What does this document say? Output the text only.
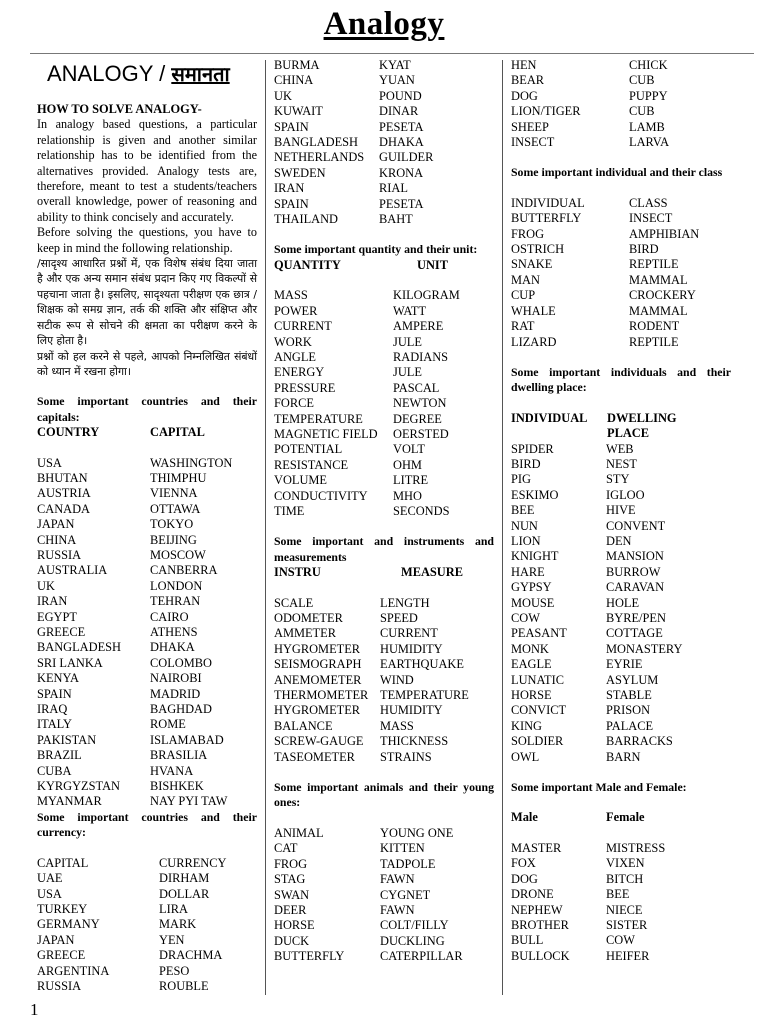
Analogy
ANALOGY / समानता
HOW TO SOLVE ANALOGY-
In analogy based questions, a particular relationship is given and another similar relationship has to be identified from the alternatives provided. Analogy tests are, therefore, meant to test a students/teachers overall knowledge, power of reasoning and ability to think concisely and accurately.
Before solving the questions, you have to keep in mind the following relationship.
/सादृश्य आधारित प्रश्नों में, एक विशेष संबंध दिया जाता है और एक अन्य समान संबंध प्रदान किए गए विकल्पों से पहचाना जाता है। इसलिए, सादृश्यता परीक्षण एक छात्र / शिक्षक को समग्र ज्ञान, तर्क की शक्ति और संक्षिप्त और सटीक रूप से सोचने की क्षमता का परीक्षण करने के लिए होता है।
प्रश्नों को हल करने से पहले, आपको निम्नलिखित संबंधों को ध्यान में रखना होगा।
Some important countries and their capitals:
COUNTRY	CAPITAL
USA	WASHINGTON
BHUTAN	THIMPHU
AUSTRIA	VIENNA
CANADA	OTTAWA
JAPAN	TOKYO
CHINA	BEIJING
RUSSIA	MOSCOW
AUSTRALIA	CANBERRA
UK	LONDON
IRAN	TEHRAN
EGYPT	CAIRO
GREECE	ATHENS
BANGLADESH	DHAKA
SRI LANKA	COLOMBO
KENYA	NAIROBI
SPAIN	MADRID
IRAQ	BAGHDAD
ITALY	ROME
PAKISTAN	ISLAMABAD
BRAZIL	BRASILIA
CUBA	HVANA
KYRGYZSTAN	BISHKEK
MYANMAR	NAY PYI TAW
Some important countries and their currency:
CAPITAL	CURRENCY
UAE	DIRHAM
USA	DOLLAR
TURKEY	LIRA
GERMANY	MARK
JAPAN	YEN
GREECE	DRACHMA
ARGENTINA	PESO
RUSSIA	ROUBLE
BURMA	KYAT
CHINA	YUAN
UK	POUND
KUWAIT	DINAR
SPAIN	PESETA
BANGLADESH	DHAKA
NETHERLANDS	GUILDER
SWEDEN	KRONA
IRAN	RIAL
SPAIN	PESETA
THAILAND	BAHT
Some important quantity and their unit:
QUANTITY	UNIT
MASS	KILOGRAM
POWER	WATT
CURRENT	AMPERE
WORK	JULE
ANGLE	RADIANS
ENERGY	JULE
PRESSURE	PASCAL
FORCE	NEWTON
TEMPERATURE	DEGREE
MAGNETIC FIELD	OERSTED
POTENTIAL	VOLT
RESISTANCE	OHM
VOLUME	LITRE
CONDUCTIVITY	MHO
TIME	SECONDS
Some important and instruments and measurements
INSTRU	MEASURE
SCALE	LENGTH
ODOMETER	SPEED
AMMETER	CURRENT
HYGROMETER	HUMIDITY
SEISMOGRAPH	EARTHQUAKE
ANEMOMETER	WIND
THERMOMETER TEMPERATURE
HYGROMETER	HUMIDITY
BALANCE	MASS
SCREW-GAUGE	THICKNESS
TASEOMETER	STRAINS
Some important animals and their young ones:
ANIMAL	YOUNG ONE
CAT	KITTEN
FROG	TADPOLE
STAG	FAWN
SWAN	CYGNET
DEER	FAWN
HORSE	COLT/FILLY
DUCK	DUCKLING
BUTTERFLY	CATERPILLAR
HEN	CHICK
BEAR	CUB
DOG	PUPPY
LION/TIGER	CUB
SHEEP	LAMB
INSECT	LARVA
Some important individual and their class
INDIVIDUAL	CLASS
BUTTERFLY	INSECT
FROG	AMPHIBIAN
OSTRICH	BIRD
SNAKE	REPTILE
MAN	MAMMAL
CUP	CROCKERY
WHALE	MAMMAL
RAT	RODENT
LIZARD	REPTILE
Some important individuals and their dwelling place:
INDIVIDUAL	DWELLING PLACE
SPIDER	WEB
BIRD	NEST
PIG	STY
ESKIMO	IGLOO
BEE	HIVE
NUN	CONVENT
LION	DEN
KNIGHT	MANSION
HARE	BURROW
GYPSY	CARAVAN
MOUSE	HOLE
COW	BYRE/PEN
PEASANT	COTTAGE
MONK	MONASTERY
EAGLE	EYRIE
LUNATIC	ASYLUM
HORSE	STABLE
CONVICT	PRISON
KING	PALACE
SOLDIER	BARRACKS
OWL	BARN
Some important Male and Female:
Male	Female
MASTER	MISTRESS
FOX	VIXEN
DOG	BITCH
DRONE	BEE
NEPHEW	NIECE
BROTHER	SISTER
BULL	COW
BULLOCK	HEIFER
1
